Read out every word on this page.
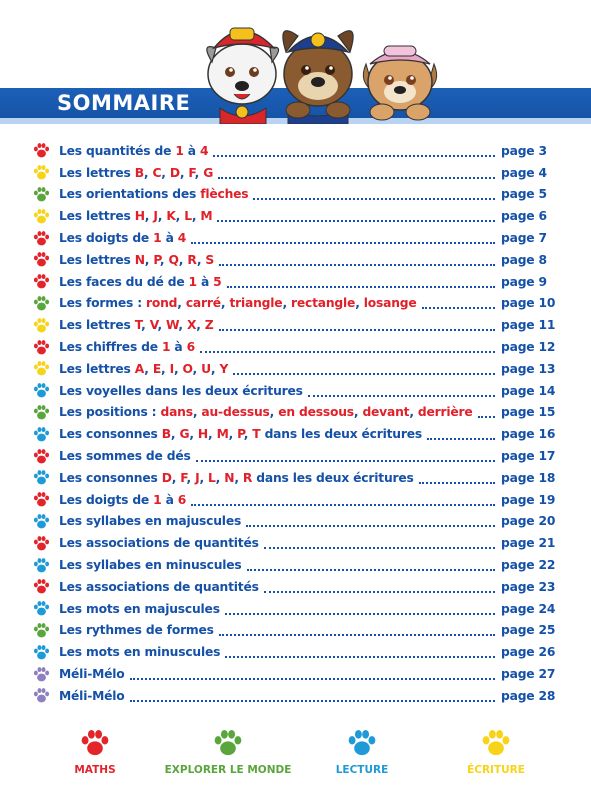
SOMMAIRE
Les quantités de 1 à 4	page 3
Les lettres B, C, D, F, G	page 4
Les orientations des flèches	page 5
Les lettres H, J, K, L, M	page 6
Les doigts de 1 à 4	page 7
Les lettres N, P, Q, R, S	page 8
Les faces du dé de 1 à 5	page 9
Les formes : rond, carré, triangle, rectangle, losange	page 10
Les lettres T, V, W, X, Z	page 11
Les chiffres de 1 à 6	page 12
Les lettres A, E, I, O, U, Y	page 13
Les voyelles dans les deux écritures	page 14
Les positions : dans, au-dessus, en dessous, devant, derrière page 15
Les consonnes B, G, H, M, P, T dans les deux écritures	page 16
Les sommes de dés	page 17
Les consonnes D, F, J, L, N, R dans les deux écritures	page 18
Les doigts de 1 à 6	page 19
Les syllabes en majuscules	page 20
Les associations de quantités	page 21
Les syllabes en minuscules	page 22
Les associations de quantités	page 23
Les mots en majuscules	page 24
Les rythmes de formes	page 25
Les mots en minuscules	page 26
Méli-Mélo	page 27
Méli-Mélo	page 28
MATHS	EXPLORER LE MONDE	LECTURE	ÉCRITURE
